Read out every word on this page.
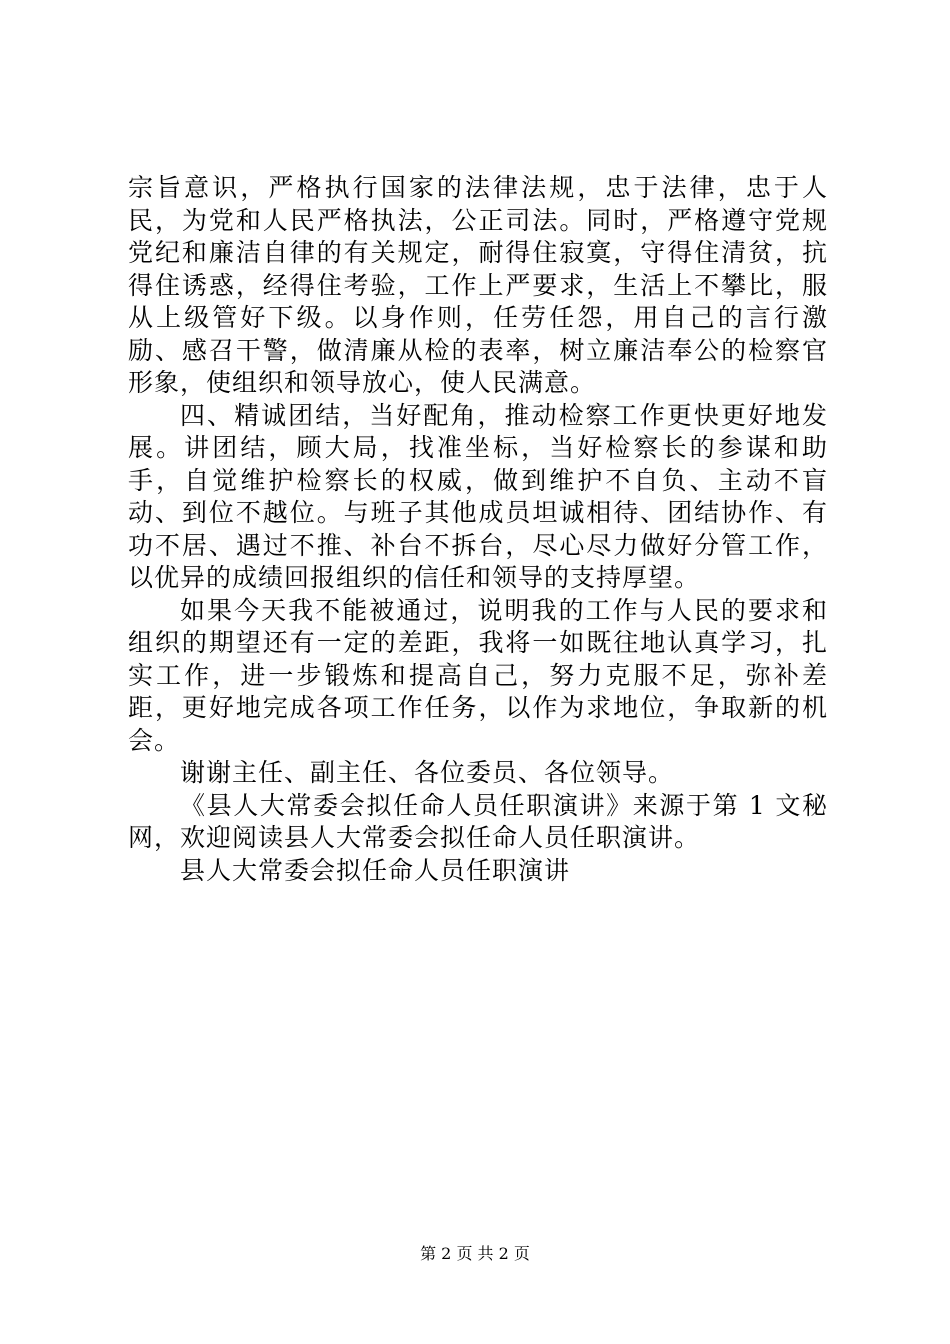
宗旨意识，严格执行国家的法律法规，忠于法律，忠于人民，为党和人民严格执法，公正司法。同时，严格遵守党规党纪和廉洁自律的有关规定，耐得住寂寞，守得住清贫，抗得住诱惑，经得住考验，工作上严要求，生活上不攀比，服从上级管好下级。以身作则，任劳任怨，用自己的言行激励、感召干警，做清廉从检的表率，树立廉洁奉公的检察官形象，使组织和领导放心，使人民满意。

四、精诚团结，当好配角，推动检察工作更快更好地发展。讲团结，顾大局，找准坐标，当好检察长的参谋和助手，自觉维护检察长的权威，做到维护不自负、主动不盲动、到位不越位。与班子其他成员坦诚相待、团结协作、有功不居、遇过不推、补台不拆台，尽心尽力做好分管工作，以优异的成绩回报组织的信任和领导的支持厚望。

如果今天我不能被通过，说明我的工作与人民的要求和组织的期望还有一定的差距，我将一如既往地认真学习，扎实工作，进一步锻炼和提高自己，努力克服不足，弥补差距，更好地完成各项工作任务，以作为求地位，争取新的机会。

谢谢主任、副主任、各位委员、各位领导。

《县人大常委会拟任命人员任职演讲》来源于第 1 文秘网，欢迎阅读县人大常委会拟任命人员任职演讲。

县人大常委会拟任命人员任职演讲

第 2 页 共 2 页
